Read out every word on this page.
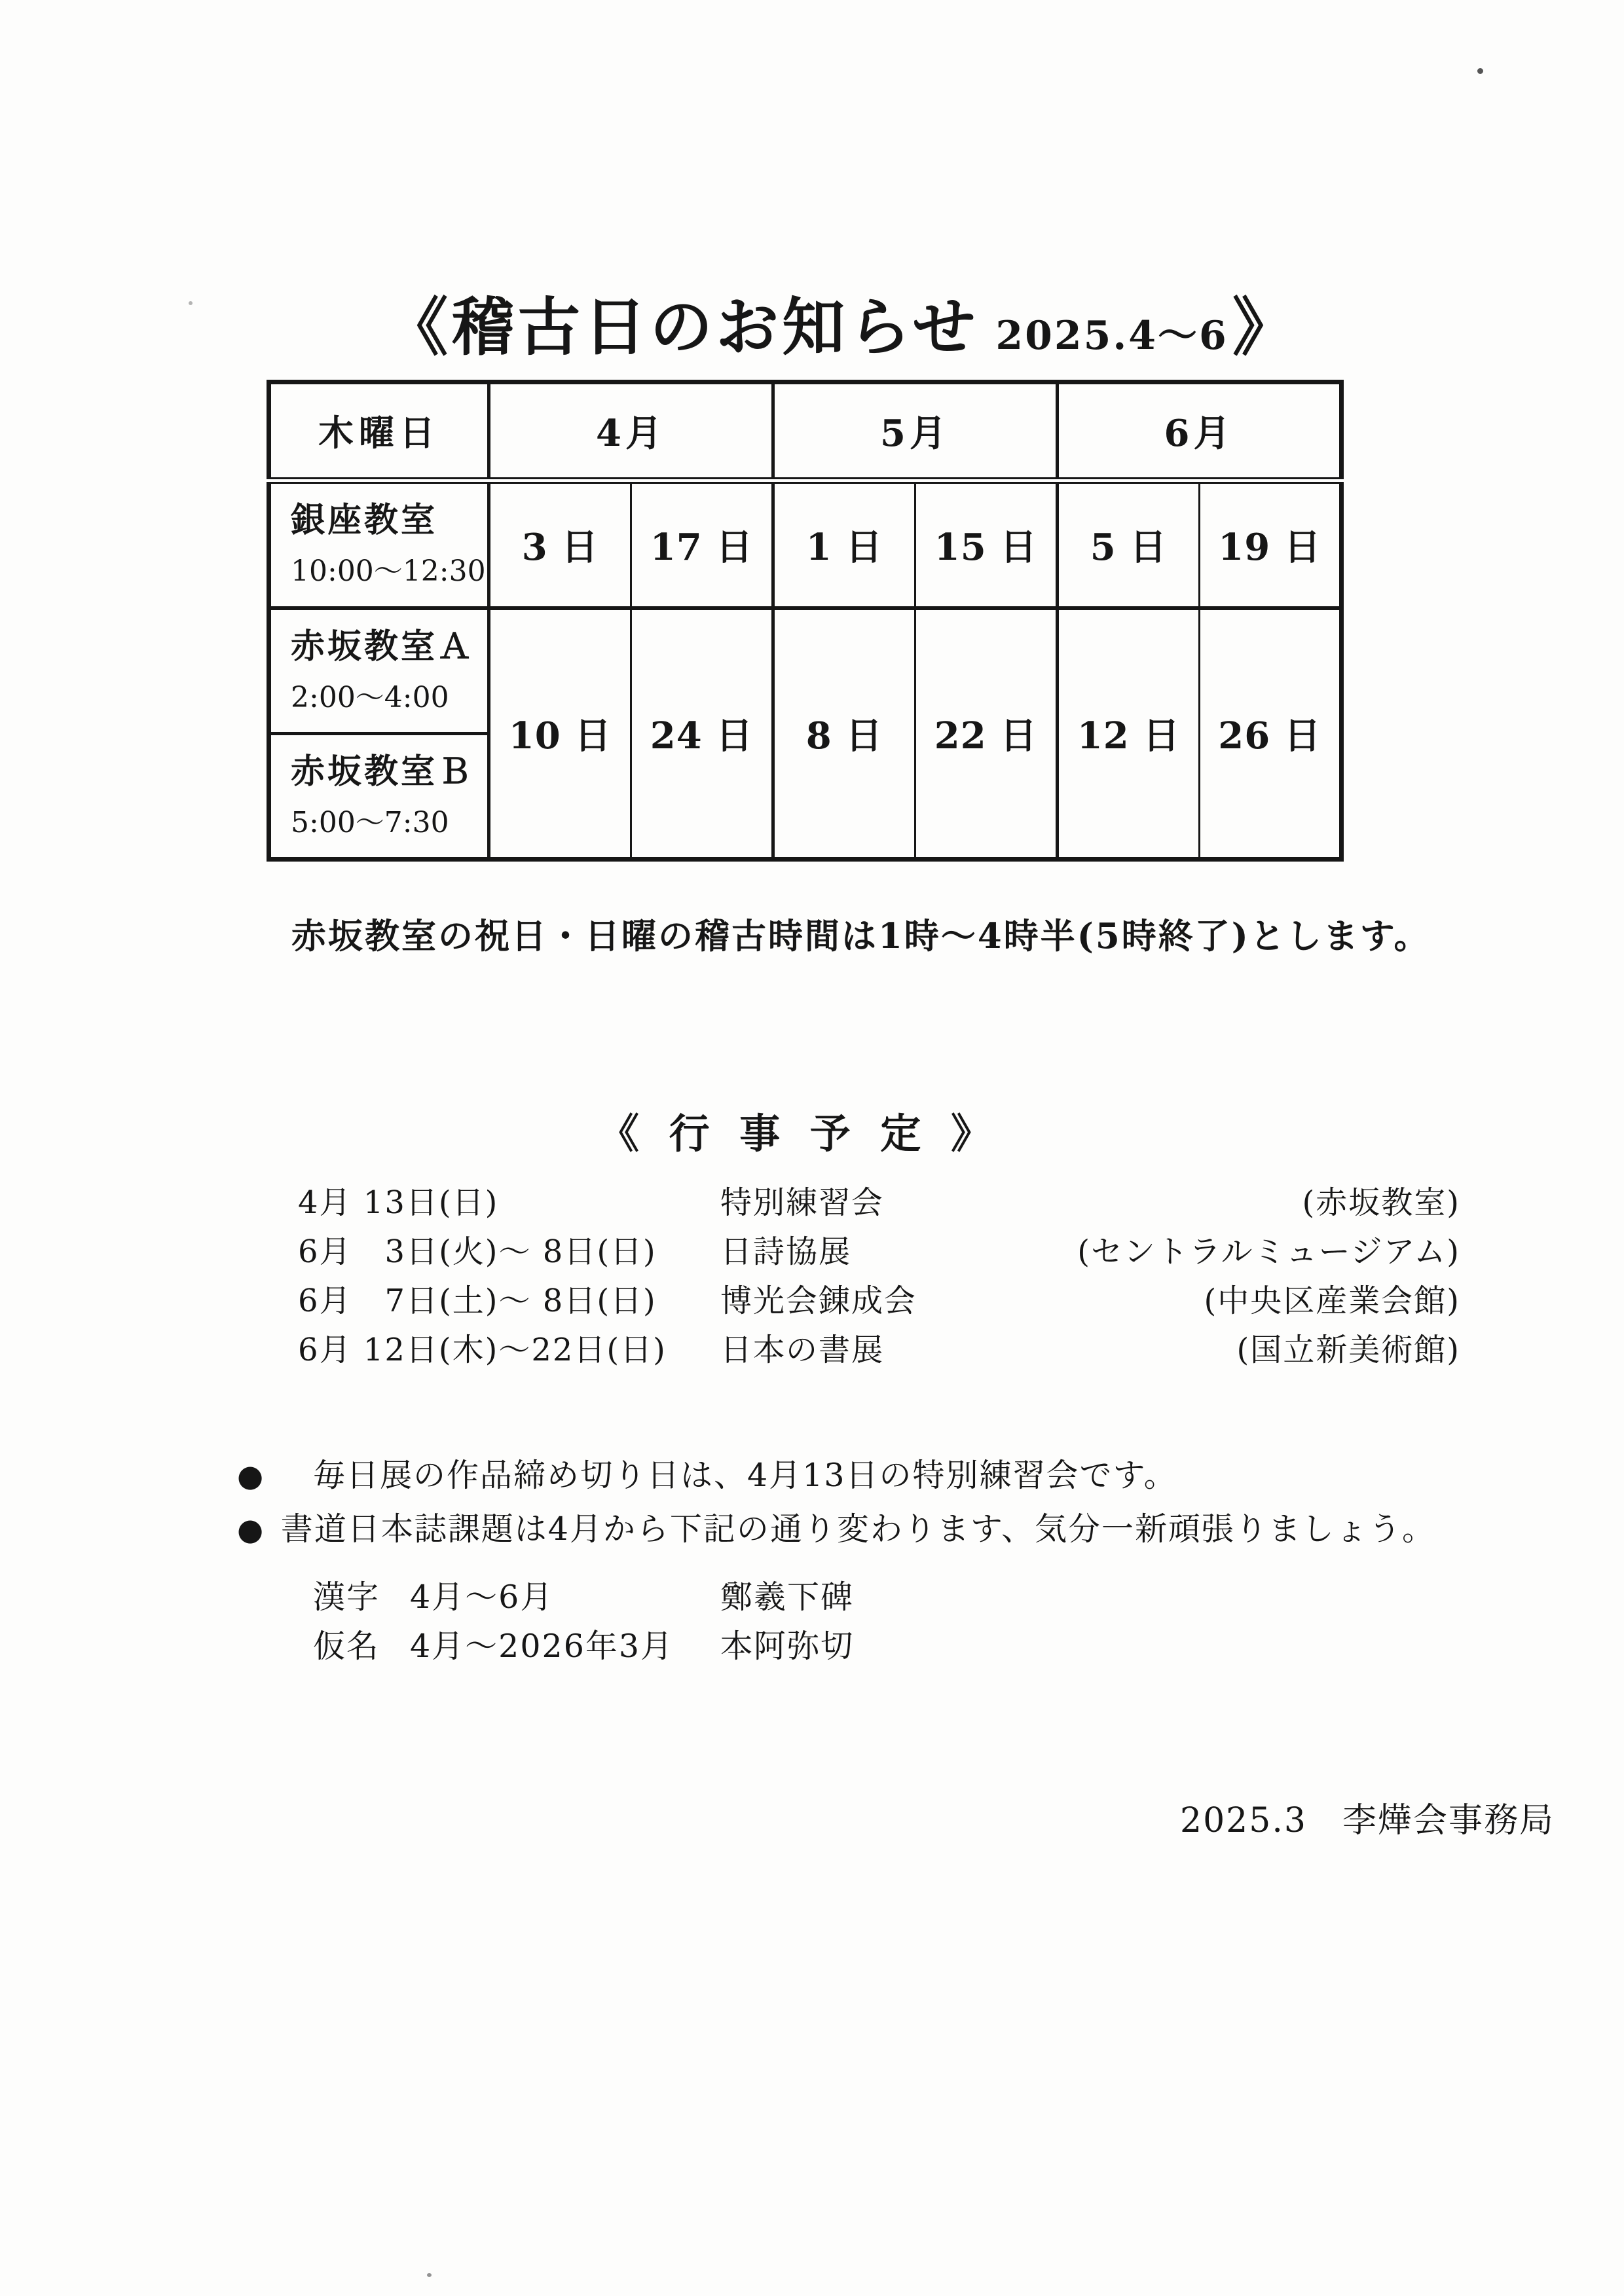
《稽古日のお知らせ 2025.4～6》
木曜日	4月		5月		6月	

銀座教室
10:00～12:30	3 日	17 日	1 日	15 日	5 日	19 日

赤坂教室Ａ
2:00～4:00	10 日	24 日	8 日	22 日	12 日	26 日

赤坂教室Ｂ
5:00～7:30						
赤坂教室の祝日・日曜の稽古時間は1時～4時半(5時終了)とします。
《 行 事 予 定 》
4月 13日(日)	特別練習会	(赤坂教室)
6月　3日(火)～ 8日(日)	日詩協展	(セントラルミュージアム)
6月　7日(土)～ 8日(日)	博光会錬成会	(中央区産業会館)
6月 12日(木)～22日(日)	日本の書展	(国立新美術館)
●	毎日展の作品締め切り日は、4月13日の特別練習会です。
● 書道日本誌課題は4月から下記の通り変わります、気分一新頑張りましょう。
漢字 4月～6月	鄭羲下碑
仮名 4月～2026年3月	本阿弥切
2025.3　李燁会事務局
